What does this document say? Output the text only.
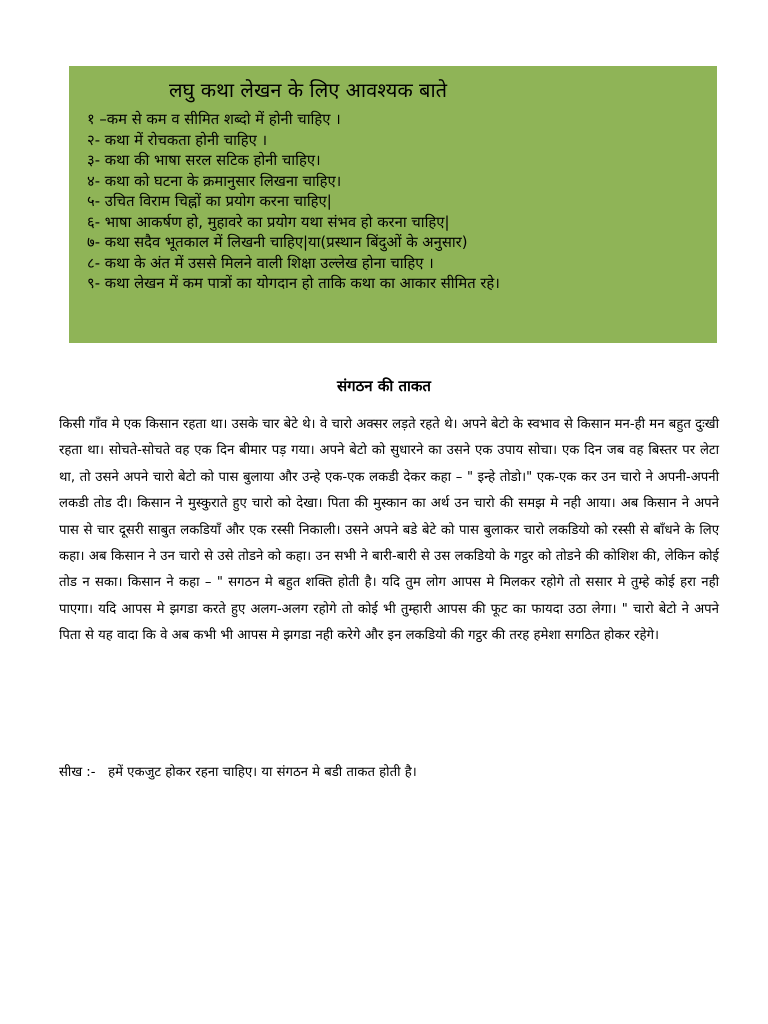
लघु कथा लेखन के लिए आवश्यक बाते
१ –कम से कम व सीमित शब्दो में होनी चाहिए ।
२- कथा में रोचकता होनी चाहिए ।
३- कथा की भाषा सरल सटिक होनी चाहिए।
४- कथा को घटना के क्रमानुसार लिखना चाहिए।
५- उचित विराम चिह्नों का प्रयोग करना चाहिए|
६- भाषा आकर्षण हो, मुहावरे का प्रयोग यथा संभव हो करना चाहिए|
७- कथा सदैव भूतकाल में लिखनी चाहिए|या(प्रस्थान बिंदुओं के अनुसार)
८- कथा के अंत में उससे मिलने वाली शिक्षा उल्लेख होना चाहिए ।
९- कथा लेखन में कम पात्रों का योगदान हो ताकि कथा का आकार सीमित रहे।
संगठन की ताकत

किसी गाँव मे एक किसान रहता था। उसके चार बेटे थे। वे चारो अक्सर लड़ते रहते थे। अपने बेटो के स्वभाव से किसान मन-ही मन बहुत दुःखी रहता था। सोचते-सोचते वह एक दिन बीमार पड़ गया। अपने बेटो को सुधारने का उसने एक उपाय सोचा। एक दिन जब वह बिस्तर पर लेटा था, तो उसने अपने चारो बेटो को पास बुलाया और उन्हे एक-एक लकडी देकर कहा – " इन्हे तोडो।" एक-एक कर उन चारो ने अपनी-अपनी लकडी तोड दी। किसान ने मुस्कुराते हुए चारो को देखा। पिता की मुस्कान का अर्थ उन चारो की समझ मे नही आया। अब किसान ने अपने पास से चार दूसरी साबुत लकडियाँ और एक रस्सी निकाली। उसने अपने बडे बेटे को पास बुलाकर चारो लकडियो को रस्सी से बाँधने के लिए कहा। अब किसान ने उन चारो से उसे तोडने को कहा। उन सभी ने बारी-बारी से उस लकडियो के गट्ठर को तोडने की कोशिश की, लेकिन कोई तोड न सका। किसान ने कहा – " सगठन मे बहुत शक्ति होती है। यदि तुम लोग आपस मे मिलकर रहोगे तो ससार मे तुम्हे कोई हरा नही पाएगा। यदि आपस मे झगडा करते हुए अलग-अलग रहोगे तो कोई भी तुम्हारी आपस की फूट का फायदा उठा लेगा। " चारो बेटो ने अपने पिता से यह वादा कि वे अब कभी भी आपस मे झगडा नही करेगे और इन लकडियो की गट्ठर की तरह हमेशा सगठित होकर रहेगे।

सीख :-   हमें एकजुट होकर रहना चाहिए। या संगठन मे बडी ताकत होती है।
